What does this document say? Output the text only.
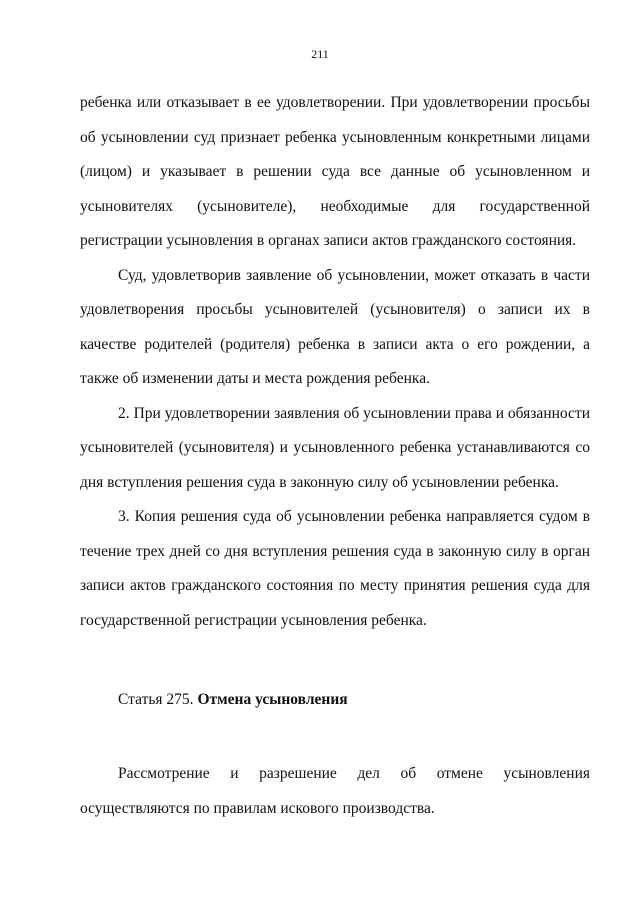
211

ребенка или отказывает в ее удовлетворении. При удовлетворении просьбы об усыновлении суд признает ребенка усыновленным конкретными лицами (лицом) и указывает в решении суда все данные об усыновленном и усыновителях (усыновителе), необходимые для государственной регистрации усыновления в органах записи актов гражданского состояния.

Суд, удовлетворив заявление об усыновлении, может отказать в части удовлетворения просьбы усыновителей (усыновителя) о записи их в качестве родителей (родителя) ребенка в записи акта о его рождении, а также об изменении даты и места рождения ребенка.

2. При удовлетворении заявления об усыновлении права и обязанности усыновителей (усыновителя) и усыновленного ребенка устанавливаются со дня вступления решения суда в законную силу об усыновлении ребенка.

3. Копия решения суда об усыновлении ребенка направляется судом в течение трех дней со дня вступления решения суда в законную силу в орган записи актов гражданского состояния по месту принятия решения суда для государственной регистрации усыновления ребенка.

Статья 275. Отмена усыновления

Рассмотрение и разрешение дел об отмене усыновления осуществляются по правилам искового производства.
